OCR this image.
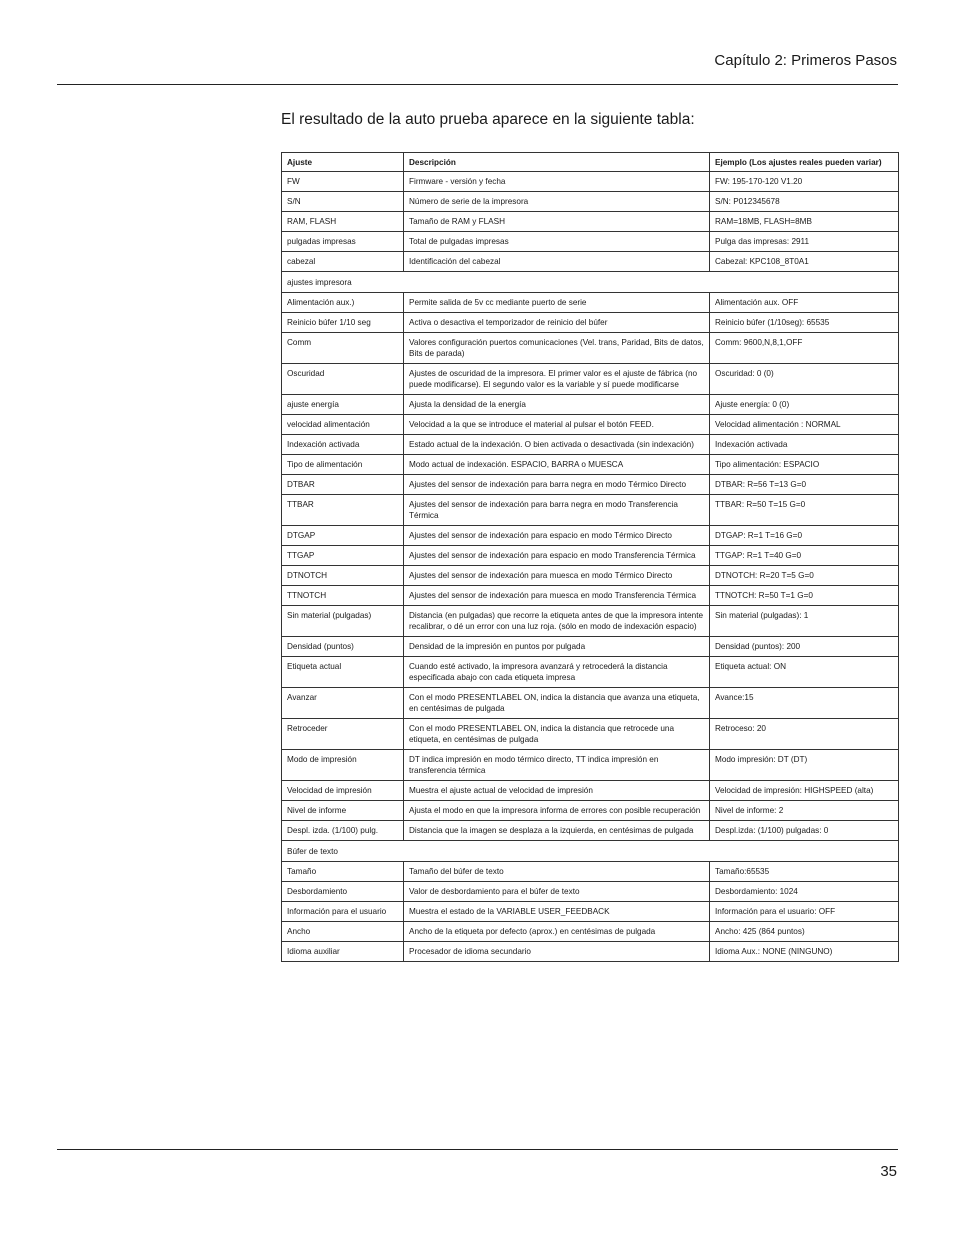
Capítulo 2: Primeros Pasos
El resultado de la auto prueba aparece en la siguiente tabla:
Ajuste	Descripción	Ejemplo (Los ajustes reales pueden variar)
FW	Firmware - versión y fecha	FW: 195-170-120 V1.20
S/N	Número de serie de la impresora	S/N: P012345678
RAM, FLASH	Tamaño de RAM y FLASH	RAM=18MB, FLASH=8MB
pulgadas impresas	Total de pulgadas impresas	Pulga das impresas: 2911
cabezal	Identificación del cabezal	Cabezal: KPC108_8T0A1
ajustes impresora		
Alimentación aux.)	Permite salida de 5v cc mediante puerto de serie	Alimentación aux. OFF
Reinicio búfer 1/10 seg	Activa o desactiva el temporizador de reinicio del búfer	Reinicio búfer (1/10seg): 65535
Comm	Valores configuración puertos comunicaciones (Vel. trans, Paridad, Bits de datos, Bits de parada)	Comm: 9600,N,8,1,OFF
Oscuridad	Ajustes de oscuridad de la impresora. El primer valor es el ajuste de fábrica (no puede modificarse). El segundo valor es la variable y sí puede modificarse	Oscuridad: 0 (0)
ajuste energía	Ajusta la densidad de la energía	Ajuste energía: 0 (0)
velocidad alimentación	Velocidad a la que se introduce el material al pulsar el botón FEED.	Velocidad alimentación : NORMAL
Indexación activada	Estado actual de la indexación. O bien activada o desactivada (sin indexación)	Indexación activada
Tipo de alimentación	Modo actual de indexación. ESPACIO, BARRA o MUESCA	Tipo alimentación: ESPACIO
DTBAR	Ajustes del sensor de indexación para barra negra en modo Térmico Directo	DTBAR: R=56 T=13 G=0
TTBAR	Ajustes del sensor de indexación para barra negra en modo Transferencia Térmica	TTBAR: R=50 T=15 G=0
DTGAP	Ajustes del sensor de indexación para espacio en modo Térmico Directo	DTGAP: R=1 T=16 G=0
TTGAP	Ajustes del sensor de indexación para espacio en modo Transferencia Térmica	TTGAP: R=1 T=40 G=0
DTNOTCH	Ajustes del sensor de indexación para muesca en modo Térmico Directo	DTNOTCH: R=20 T=5 G=0
TTNOTCH	Ajustes del sensor de indexación para muesca en modo Transferencia Térmica	TTNOTCH: R=50 T=1 G=0
Sin material (pulgadas)	Distancia (en pulgadas) que recorre la etiqueta antes de que la impresora intente recalibrar, o dé un error con una luz roja. (sólo en modo de indexación espacio)	Sin material (pulgadas): 1
Densidad (puntos)	Densidad de la impresión en puntos por pulgada	Densidad (puntos): 200
Etiqueta actual	Cuando esté activado, la impresora avanzará y retrocederá la distancia especificada abajo con cada etiqueta impresa	Etiqueta actual: ON
Avanzar	Con el modo PRESENTLABEL ON, indica la distancia que avanza una etiqueta, en centésimas de pulgada	Avance:15
Retroceder	Con el modo PRESENTLABEL ON, indica la distancia que retrocede una etiqueta, en centésimas de pulgada	Retroceso: 20
Modo de impresión	DT indica impresión en modo térmico directo, TT indica impresión en transferencia térmica	Modo impresión: DT (DT)
Velocidad de impresión	Muestra el ajuste actual de velocidad de impresión	Velocidad de impresión: HIGHSPEED (alta)
Nivel de informe	Ajusta el modo en que la impresora informa de errores con posible recuperación	Nivel de informe: 2
Despl. izda. (1/100) pulg.	Distancia que la imagen se desplaza a la izquierda, en centésimas de pulgada	Despl.izda: (1/100) pulgadas: 0
Búfer de texto		
Tamaño	Tamaño del búfer de texto	Tamaño:65535
Desbordamiento	Valor de desbordamiento para el búfer de texto	Desbordamiento: 1024
Información para el usuario	Muestra el estado de la VARIABLE USER_FEEDBACK	Información para el usuario: OFF
Ancho	Ancho de la etiqueta por defecto (aprox.) en centésimas de pulgada	Ancho: 425 (864 puntos)
Idioma auxiliar	Procesador de idioma secundario	Idioma Aux.: NONE (NINGUNO)
35
